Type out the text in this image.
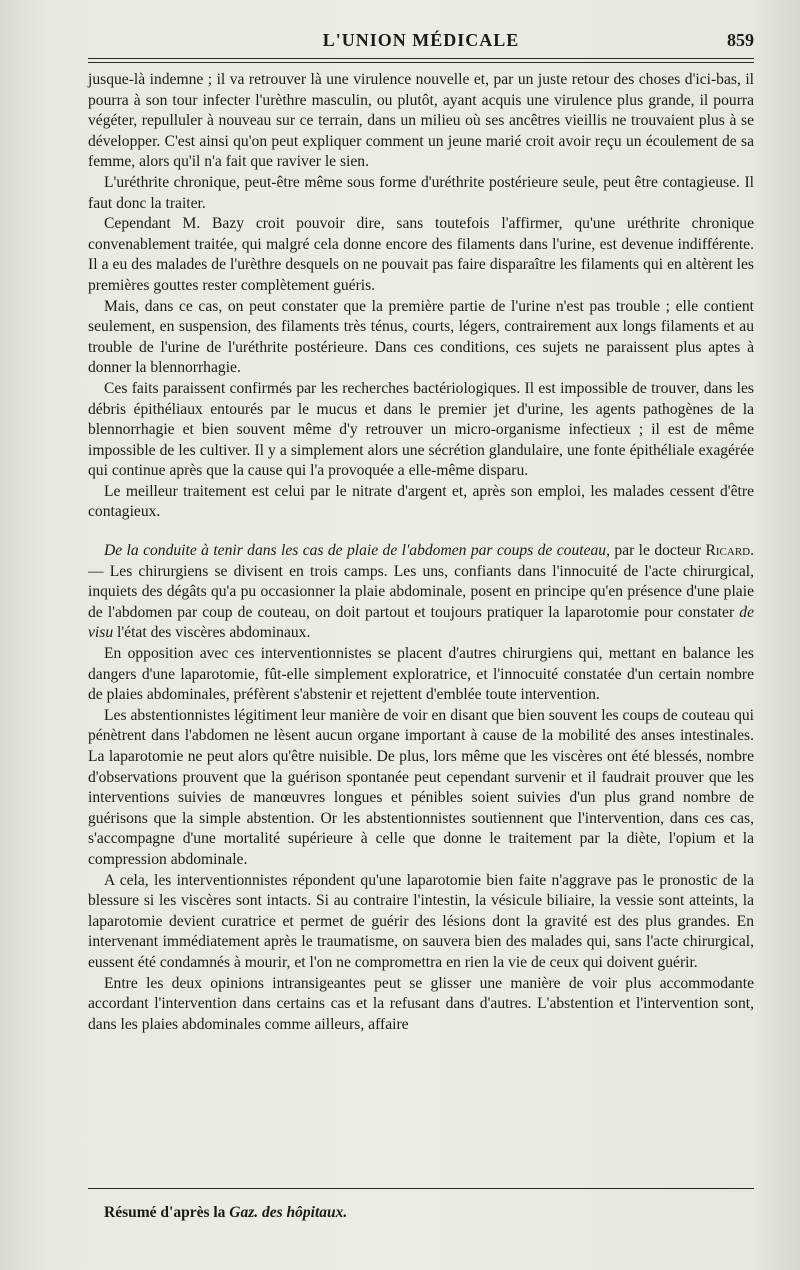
L'UNION MÉDICALE	859

jusque-là indemne ; il va retrouver là une virulence nouvelle et, par un juste retour des choses d'ici-bas, il pourra à son tour infecter l'urèthre masculin, ou plutôt, ayant acquis une virulence plus grande, il pourra végéter, repulluler à nouveau sur ce terrain, dans un milieu où ses ancêtres vieillis ne trouvaient plus à se développer. C'est ainsi qu'on peut expliquer comment un jeune marié croit avoir reçu un écoulement de sa femme, alors qu'il n'a fait que raviver le sien.

L'uréthrite chronique, peut-être même sous forme d'uréthrite postérieure seule, peut être contagieuse. Il faut donc la traiter.

Cependant M. Bazy croit pouvoir dire, sans toutefois l'affirmer, qu'une uréthrite chronique convenablement traitée, qui malgré cela donne encore des filaments dans l'urine, est devenue indifférente. Il a eu des malades de l'urèthre desquels on ne pouvait pas faire disparaître les filaments qui en altèrent les premières gouttes rester complètement guéris.

Mais, dans ce cas, on peut constater que la première partie de l'urine n'est pas trouble ; elle contient seulement, en suspension, des filaments très ténus, courts, légers, contrairement aux longs filaments et au trouble de l'urine de l'uréthrite postérieure. Dans ces conditions, ces sujets ne paraissent plus aptes à donner la blennorrhagie.

Ces faits paraissent confirmés par les recherches bactériologiques. Il est impossible de trouver, dans les débris épithéliaux entourés par le mucus et dans le premier jet d'urine, les agents pathogènes de la blennorrhagie et bien souvent même d'y retrouver un micro-organisme infectieux ; il est de même impossible de les cultiver. Il y a simplement alors une sécrétion glandulaire, une fonte épithéliale exagérée qui continue après que la cause qui l'a provoquée a elle-même disparu.

Le meilleur traitement est celui par le nitrate d'argent et, après son emploi, les malades cessent d'être contagieux.

De la conduite à tenir dans les cas de plaie de l'abdomen par coups de couteau, par le docteur Ricard. — Les chirurgiens se divisent en trois camps. Les uns, confiants dans l'innocuité de l'acte chirurgical, inquiets des dégâts qu'a pu occasionner la plaie abdominale, posent en principe qu'en présence d'une plaie de l'abdomen par coup de couteau, on doit partout et toujours pratiquer la laparotomie pour constater de visu l'état des viscères abdominaux.

En opposition avec ces interventionnistes se placent d'autres chirurgiens qui, mettant en balance les dangers d'une laparotomie, fût-elle simplement exploratrice, et l'innocuité constatée d'un certain nombre de plaies abdominales, préfèrent s'abstenir et rejettent d'emblée toute intervention.

Les abstentionnistes légitiment leur manière de voir en disant que bien souvent les coups de couteau qui pénètrent dans l'abdomen ne lèsent aucun organe important à cause de la mobilité des anses intestinales. La laparotomie ne peut alors qu'être nuisible. De plus, lors même que les viscères ont été blessés, nombre d'observations prouvent que la guérison spontanée peut cependant survenir et il faudrait prouver que les interventions suivies de manœuvres longues et pénibles soient suivies d'un plus grand nombre de guérisons que la simple abstention. Or les abstentionnistes soutiennent que l'intervention, dans ces cas, s'accompagne d'une mortalité supérieure à celle que donne le traitement par la diète, l'opium et la compression abdominale.

A cela, les interventionnistes répondent qu'une laparotomie bien faite n'aggrave pas le pronostic de la blessure si les viscères sont intacts. Si au contraire l'intestin, la vésicule biliaire, la vessie sont atteints, la laparotomie devient curatrice et permet de guérir des lésions dont la gravité est des plus grandes. En intervenant immédiatement après le traumatisme, on sauvera bien des malades qui, sans l'acte chirurgical, eussent été condamnés à mourir, et l'on ne compromettra en rien la vie de ceux qui doivent guérir.

Entre les deux opinions intransigeantes peut se glisser une manière de voir plus accommodante accordant l'intervention dans certains cas et la refusant dans d'autres. L'abstention et l'intervention sont, dans les plaies abdominales comme ailleurs, affaire

Résumé d'après la Gaz. des hôpitaux.
